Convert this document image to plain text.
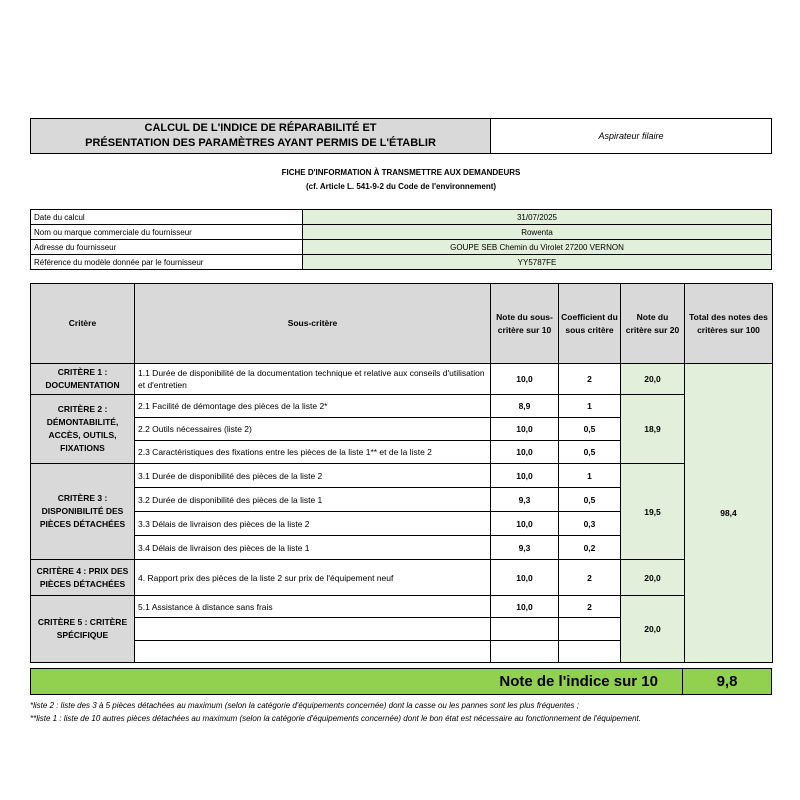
CALCUL DE L'INDICE DE RÉPARABILITÉ ET
PRÉSENTATION DES PARAMÈTRES AYANT PERMIS DE L'ÉTABLIR
Aspirateur filaire
FICHE D'INFORMATION À TRANSMETTRE AUX DEMANDEURS
(cf. Article L. 541-9-2 du Code de l'environnement)
Date du calcul	31/07/2025
Nom ou marque commerciale du fournisseur	Rowenta
Adresse du fournisseur	GOUPE SEB Chemin du Virolet 27200 VERNON
Référence du modèle donnée par le fournisseur	YY5787FE
Critère	Sous-critère	Note du sous-critère sur 10	Coefficient du sous critère	Note du critère sur 20	Total des notes des critères sur 100

CRITÈRE 1 :
DOCUMENTATION	1.1 Durée de disponibilité de la documentation technique et relative aux conseils d'utilisation et d'entretien	10,0	2	20,0	98,4

CRITÈRE 2 :
DÉMONTABILITÉ,
ACCÈS, OUTILS,
FIXATIONS	2.1 Facilité de démontage des pièces de la liste 2*	8,9	1	18,9	
	2.2 Outils nécessaires (liste 2)	10,0	0,5		
	2.3 Caractéristiques des fixations entre les pièces de la liste 1** et de la liste 2	10,0	0,5		

CRITÈRE 3 :
DISPONIBILITÉ DES
PIÈCES DÉTACHÉES	3.1 Durée de disponibilité des pièces de la liste 2	10,0	1	19,5	
	3.2 Durée de disponibilité des pièces de la liste 1	9,3	0,5		
	3.3 Délais de livraison des pièces de la liste 2	10,0	0,3		
	3.4 Délais de livraison des pièces de la liste 1	9,3	0,2		

CRITÈRE 4 : PRIX DES
PIÈCES DÉTACHÉES	4. Rapport prix des pièces de la liste 2 sur prix de l'équipement neuf	10,0	2	20,0	

CRITÈRE 5 : CRITÈRE
SPÉCIFIQUE	5.1 Assistance à distance sans frais	10,0	2	20,0	

Note de l'indice sur 10	9,8
*liste 2 : liste des 3 à 5 pièces détachées au maximum (selon la catégorie d'équipements concernée) dont la casse ou les pannes sont les plus fréquentes ;
**liste 1 : liste de 10 autres pièces détachées au maximum (selon la catégorie d'équipements concernée) dont le bon état est nécessaire au fonctionnement de l'équipement.
